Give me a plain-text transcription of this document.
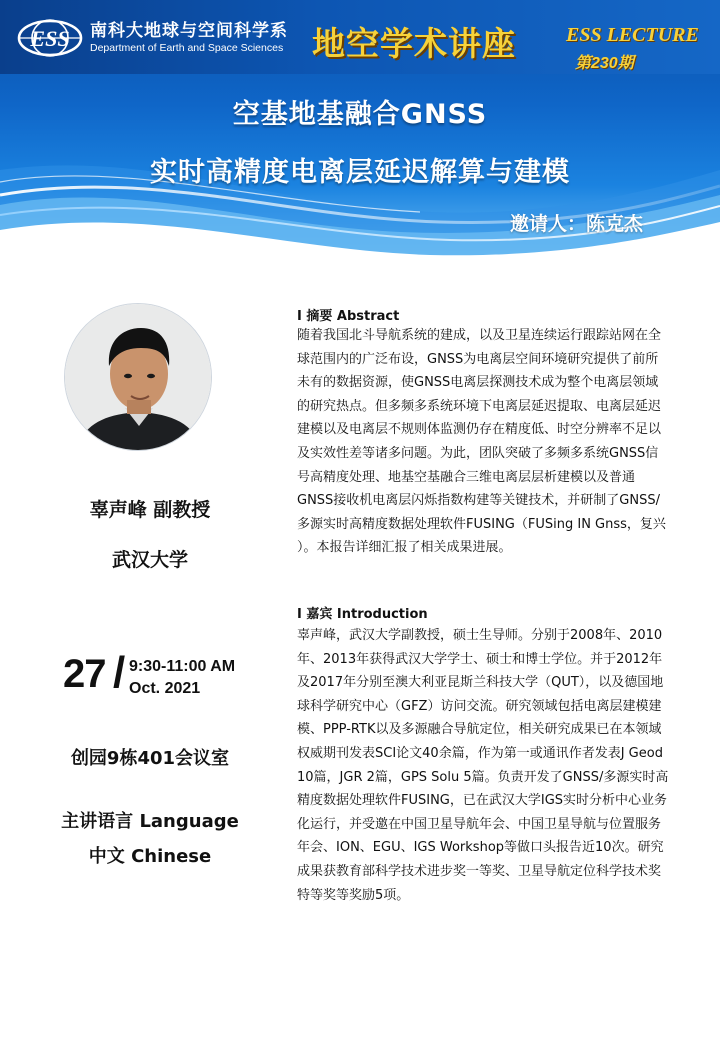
ESS 南科大地球与空间科学系
Department of Earth and Space Sciences 地空学术讲座	ESS LECTURE
第230期
空基地基融合GNSS
实时高精度电离层延迟解算与建模
邀请人：陈克杰
辜声峰 副教授
武汉大学
27 / 9:30-11:00 AM
Oct. 2021
创园9栋401会议室
主讲语言 Language
中文 Chinese
I 摘要 Abstract
随着我国北斗导航系统的建成，以及卫星连续运行跟踪站网在全
球范围内的广泛布设，GNSS为电离层空间环境研究提供了前所
未有的数据资源，使GNSS电离层探测技术成为整个电离层领域
的研究热点。但多频多系统环境下电离层延迟提取、电离层延迟
建模以及电离层不规则体监测仍存在精度低、时空分辨率不足以
及实效性差等诸多问题。为此，团队突破了多频多系统GNSS信
号高精度处理、地基空基融合三维电离层层析建模以及普通
GNSS接收机电离层闪烁指数构建等关键技术，并研制了GNSS/
多源实时高精度数据处理软件FUSING（FUSing IN Gnss，复兴
）。本报告详细汇报了相关成果进展。
I 嘉宾 Introduction
辜声峰，武汉大学副教授，硕士生导师。分别于2008年、2010
年、2013年获得武汉大学学士、硕士和博士学位。并于2012年
及2017年分别至澳大利亚昆斯兰科技大学（QUT），以及德国地
球科学研究中心（GFZ）访问交流。研究领域包括电离层建模建
模、PPP-RTK以及多源融合导航定位，相关研究成果已在本领域
权威期刊发表SCI论文40余篇，作为第一或通讯作者发表J Geod
10篇，JGR 2篇，GPS Solu 5篇。负责开发了GNSS/多源实时高
精度数据处理软件FUSING，已在武汉大学IGS实时分析中心业务
化运行，并受邀在中国卫星导航年会、中国卫星导航与位置服务
年会、ION、EGU、IGS Workshop等做口头报告近10次。研究
成果获教育部科学技术进步奖一等奖、卫星导航定位科学技术奖
特等奖等奖励5项。
